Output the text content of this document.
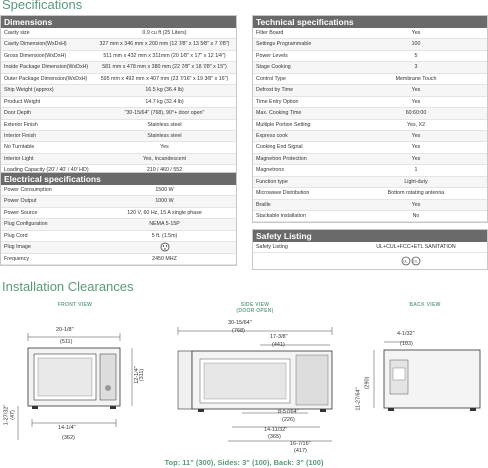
Specifications
Dimensions
Cavity size	0.9 cu ft (25 Liters)
Cavity Dimension(WxDxH)	327 mm x 346 mm x 200 mm (12 7⁄8" x 13 5⁄8" x 7 7⁄8")
Gross Dimension(WxDxH)	511 mm x 432 mm x 311mm (20 1⁄8" x 17" x 12 1⁄4")
Inside Package Dimension(WxDxH)	581 mm x 478 mm x 380 mm (22 7⁄8" x 18 7⁄8" x 15")
Outer Package Dimension(WxDxH)	595 mm x 492 mm x 407 mm (23 7⁄16" x 19 3⁄8" x 16")
Ship Weight (approx)	16.5 kg (36.4 lb)
Product Weight	14.7 kg (32.4 lb)
Door Depth	"30-15/64" (768), 90°+ door open"
Exterior Finish	Stainless steel
Interior Finish	Stainless steel
No Turntable	Yes
Interior Light	Yes, Incandescent
Loading Capacity (20' / 40' / 40' HD)	210 / 460 / 552
Electrical specifications
Power Consumption	1500 W
Power Output	1000 W
Power Source	120 V, 60 Hz, 15 A single phase
Plug Configuration	NEMA 5-15P
Plug Cord	5 ft. (1.5m)
Plug Image
Frequency	2450 MHZ
Technical specifications
Filter Board	Yes
Settings Programmable	100
Power Levels	5
Stage Cooking	3
Control Type	Membrane Touch
Defrost by Time	Yes
Time Entry Option	Yes
Max. Cooking Time	60:60:00
Multiple Portion Setting	Yes, X2
Express cook	Yes
Cooking End Signal	Yes
Magnetron Protection	Yes
Magnetrons	1
Function type	Light-duty
Microwave Distribution	Bottom rotating antenna
Braille	Yes
Stackable installation	No
Safety Listing
Safety Listing	UL+CUL+FCC+ETL SANITATION
UL ETL
Installation Clearances
FRONT VIEW
20-1/8"
(511)
12-1/4" (311)
1-27/32" (47)
14-1/4"
(362)
SIDE VIEW
(DOOR OPEN)
30-15/64"
(768)
17-3/8"
(441)
8-57/64"
(226)
14-11/32"
(365)
16-7/16"
(417)
BACK VIEW
4-1/32"
(103)
11-27/64"
(290)
Top: 11" (300), Sides: 3" (100), Back: 3" (100)
